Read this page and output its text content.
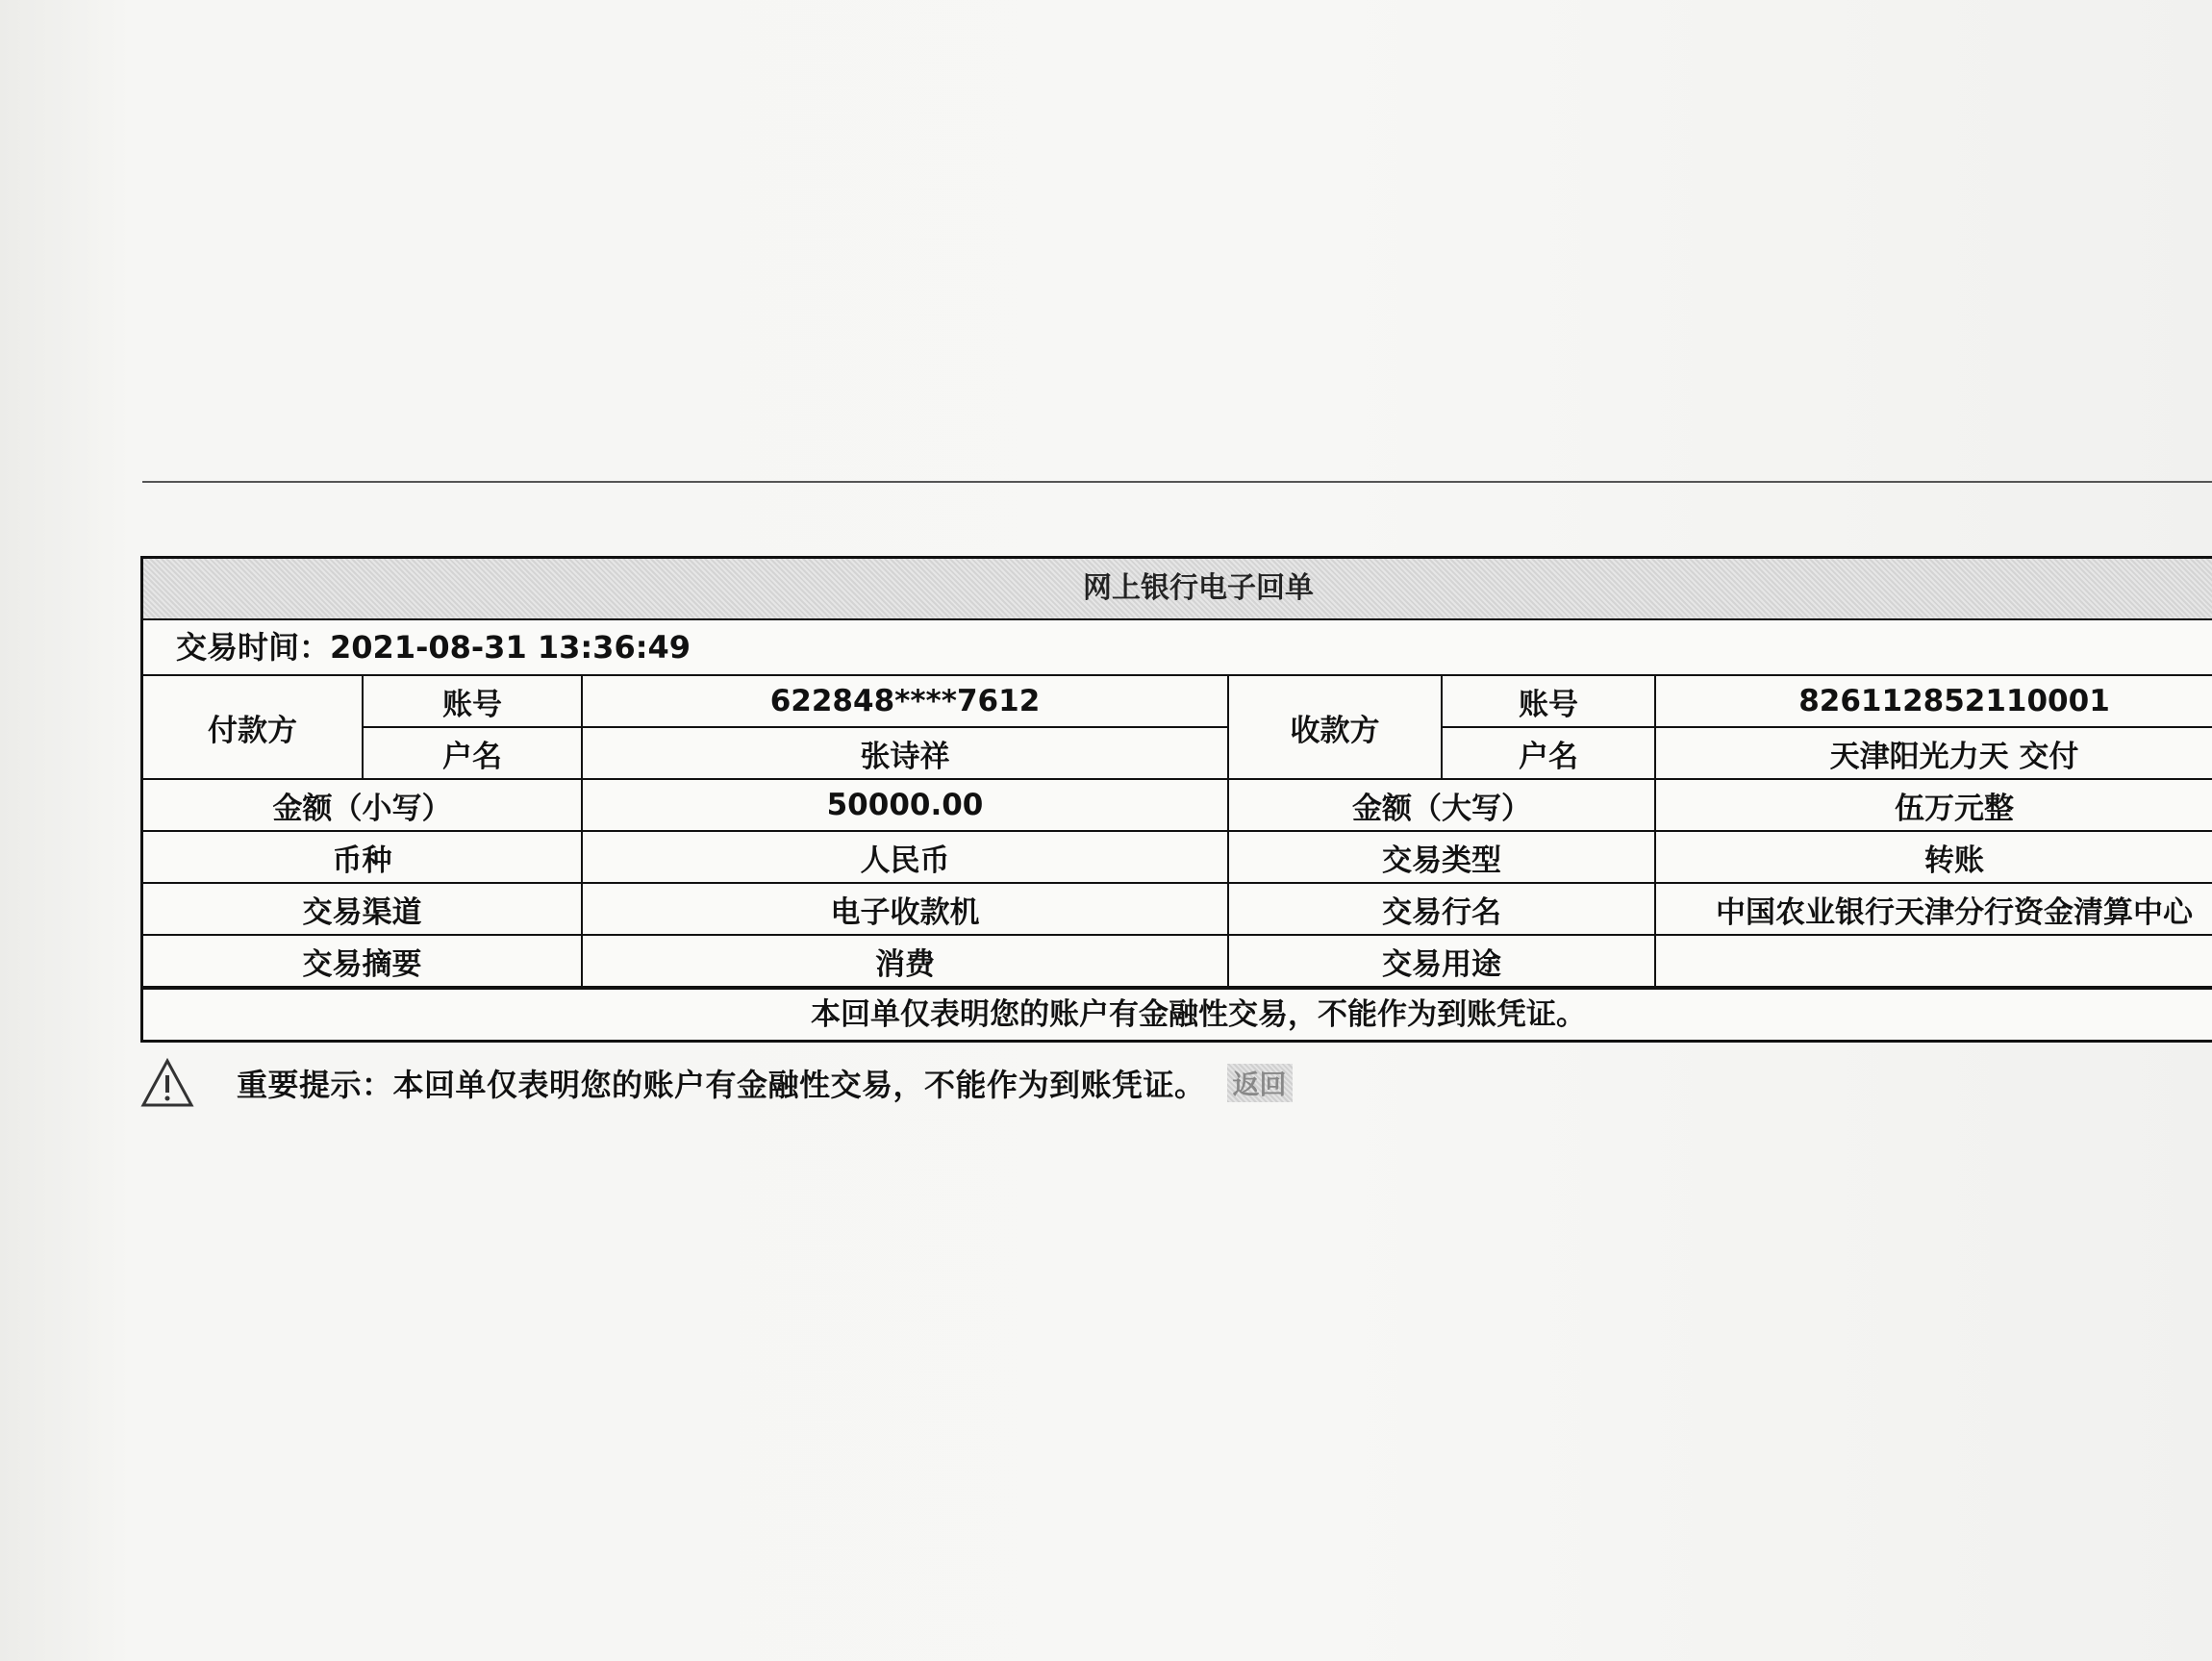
网上银行电子回单
交易时间：2021-08-31 13:36:49
付款方	账号	622848****7612	收款方	账号	826112852110001
	户名	张诗祥		户名	天津阳光力天 交付
金额（小写）		50000.00	金额（大写）		伍万元整
币种		人民币	交易类型		转账
交易渠道		电子收款机	交易行名		中国农业银行天津分行资金清算中心
交易摘要		消费	交易用途		
本回单仅表明您的账户有金融性交易，不能作为到账凭证。
重要提示：本回单仅表明您的账户有金融性交易，不能作为到账凭证。 返回
